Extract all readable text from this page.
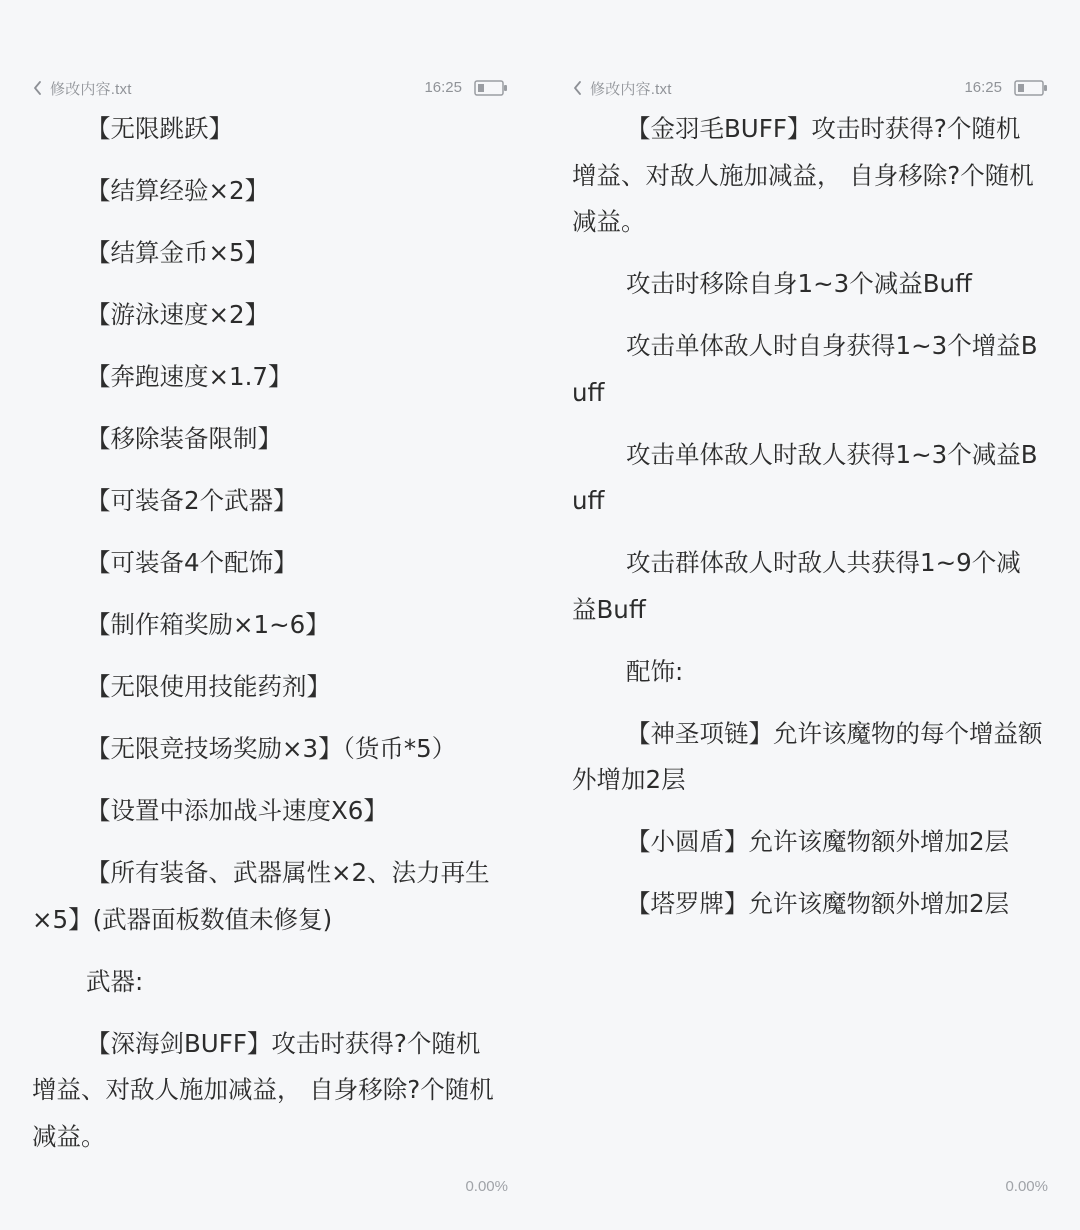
修改内容.txt	16:25

【无限跳跃】

【结算经验×2】

【结算金币×5】

【游泳速度×2】

【奔跑速度×1.7】

【移除装备限制】

【可装备2个武器】

【可装备4个配饰】

【制作箱奖励×1~6】

【无限使用技能药剂】

【无限竞技场奖励×3】（货币*5）

【设置中添加战斗速度X6】

【所有装备、武器属性×2、法力再生×5】(武器面板数值未修复)

武器:

【深海剑BUFF】攻击时获得?个随机增益、对敌人施加减益， 自身移除?个随机减益。

0.00%
修改内容.txt	16:25

【金羽毛BUFF】攻击时获得?个随机增益、对敌人施加减益， 自身移除?个随机减益。

攻击时移除自身1~3个减益Buff

攻击单体敌人时自身获得1~3个增益Buff

攻击单体敌人时敌人获得1~3个减益Buff

攻击群体敌人时敌人共获得1~9个减益Buff

配饰:

【神圣项链】允许该魔物的每个增益额外增加2层

【小圆盾】允许该魔物额外增加2层

【塔罗牌】允许该魔物额外增加2层

0.00%
